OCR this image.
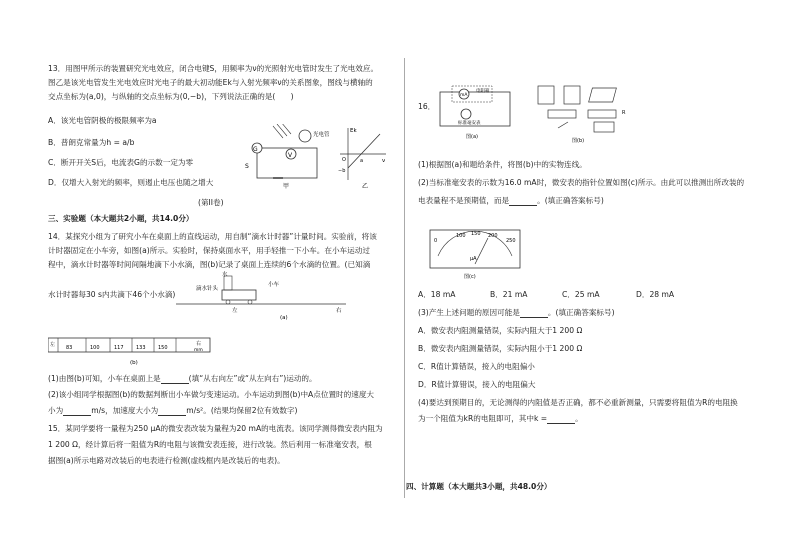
13．用图甲所示的装置研究光电效应，闭合电键S，用频率为ν的光照射光电管时发生了光电效应。
图乙是该光电管发生光电效应时光电子的最大初动能Ek与入射光频率ν的关系图象，图线与横轴的
交点坐标为(a,0)，与纵轴的交点坐标为(0,−b)，下列说法正确的是(　　)
A．该光电管阴极的极限频率为a
B．普朗克常量为h = a/b
C．断开开关S后，电流表G的示数一定为零
D．仅增大入射光的频率，则遏止电压也随之增大
G
V
光电管
S
甲
Ek
ν
O	a
−b
乙
(第II卷)
三、实验题（本大题共2小题，共14.0分）
14．某探究小组为了研究小车在桌面上的直线运动，用自制“滴水计时器”计量时间。实验前，将该
计时器固定在小车旁，如图(a)所示。实验时，保持桌面水平，用手轻推一下小车。在小车运动过
程中，滴水计时器等时间间隔地滴下小水滴，图(b)记录了桌面上连续的6个水滴的位置。(已知滴
水计时器每30 s内共滴下46个小水滴)
水
滴水针头
小车
左	右
(a)
左 83	100	117 133 150
右
mm
(b)
(1)由图(b)可知，小车在桌面上是	(填“从右向左”或“从左向右”)运动的。
(2)该小组同学根据图(b)的数据判断出小车做匀变速运动。小车运动到图(b)中A点位置时的速度大
小为	m/s，加速度大小为	m/s²。(结果均保留2位有效数字)
15．某同学要将一量程为250 μA的微安表改装为量程为20 mA的电流表。该同学测得微安表内阻为
1 200 Ω，经计算后将一阻值为R的电阻与该微安表连接，进行改装。然后利用一标准毫安表，根
据图(a)所示电路对改装后的电表进行检测(虚线框内是改装后的电表)。
16．
mA
电阻箱
标准毫安表
图(a)
R
图(b)
(1)根据图(a)和题给条件，将图(b)中的实物连线。
(2)当标准毫安表的示数为16.0 mA时，微安表的指针位置如图(c)所示。由此可以推测出所改装的
电表量程不是预期值，而是	。(填正确答案标号)
0
100 150 200
250
μA
图(c)
A．18 mA	B．21 mA	C．25 mA	D．28 mA
(3)产生上述问题的原因可能是	。(填正确答案标号)
A．微安表内阻测量错误，实际内阻大于1 200 Ω
B．微安表内阻测量错误，实际内阻小于1 200 Ω
C．R值计算错误，接入的电阻偏小
D．R值计算错误，接入的电阻偏大
(4)要达到预期目的，无论测得的内阻值是否正确，都不必重新测量，只需要将阻值为R的电阻换
为一个阻值为kR的电阻即可，其中k =	。
四、计算题（本大题共3小题，共48.0分）
